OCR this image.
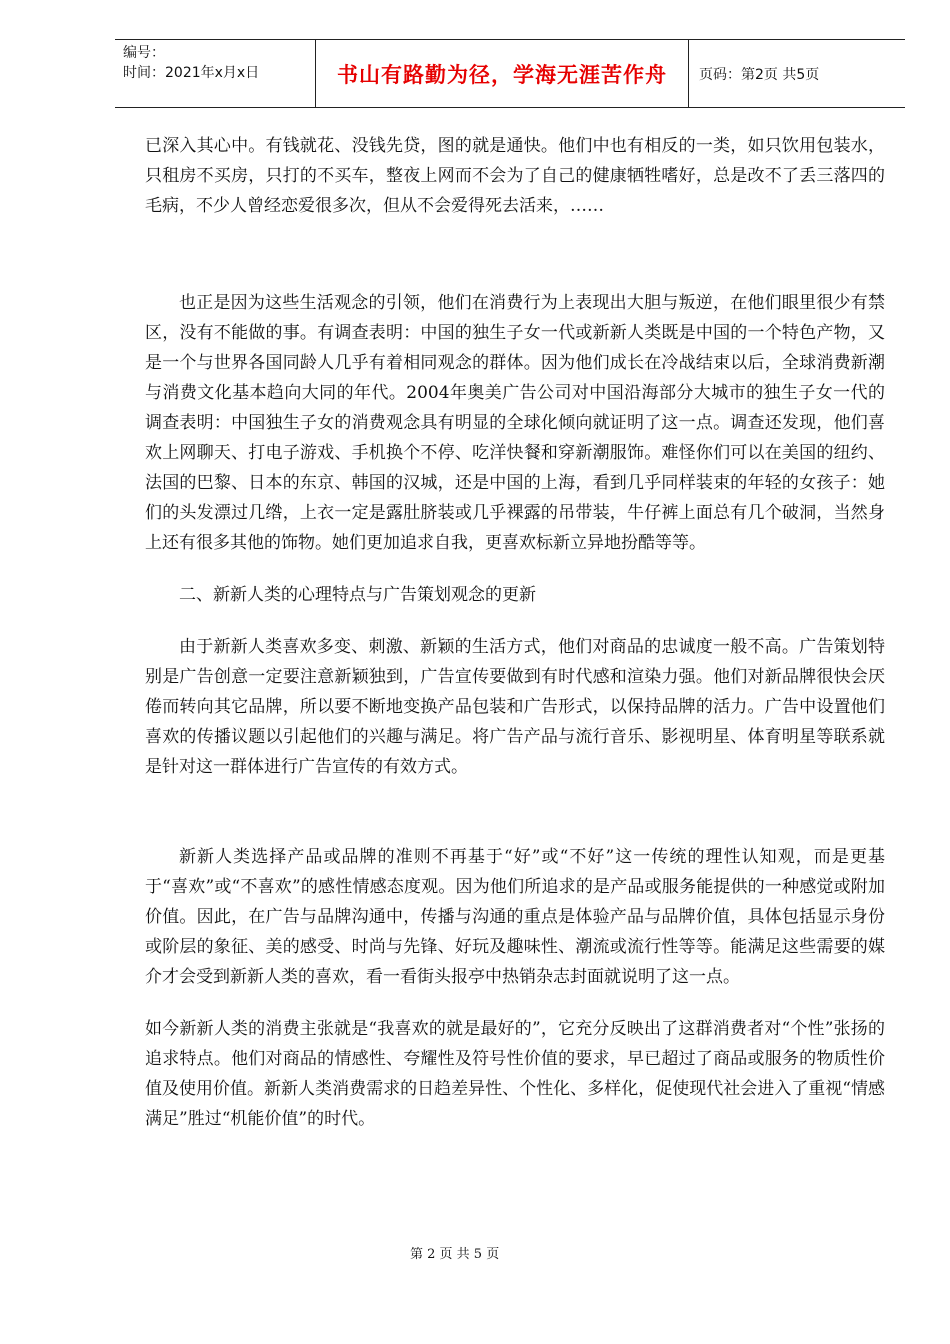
编号：
时间：2021年x月x日	书山有路勤为径，学海无涯苦作舟	页码：第2页 共5页

已深入其心中。有钱就花、没钱先贷，图的就是通快。他们中也有相反的一类，如只饮用包装水，只租房不买房，只打的不买车，整夜上网而不会为了自己的健康牺牲嗜好，总是改不了丢三落四的毛病，不少人曾经恋爱很多次，但从不会爱得死去活来，……

也正是因为这些生活观念的引领，他们在消费行为上表现出大胆与叛逆，在他们眼里很少有禁区，没有不能做的事。有调查表明：中国的独生子女一代或新新人类既是中国的一个特色产物，又是一个与世界各国同龄人几乎有着相同观念的群体。因为他们成长在冷战结束以后，全球消费新潮与消费文化基本趋向大同的年代。2004年奥美广告公司对中国沿海部分大城市的独生子女一代的调查表明：中国独生子女的消费观念具有明显的全球化倾向就证明了这一点。调查还发现，他们喜欢上网聊天、打电子游戏、手机换个不停、吃洋快餐和穿新潮服饰。难怪你们可以在美国的纽约、法国的巴黎、日本的东京、韩国的汉城，还是中国的上海，看到几乎同样装束的年轻的女孩子：她们的头发漂过几绺，上衣一定是露肚脐装或几乎裸露的吊带装，牛仔裤上面总有几个破洞，当然身上还有很多其他的饰物。她们更加追求自我，更喜欢标新立异地扮酷等等。

二、新新人类的心理特点与广告策划观念的更新

由于新新人类喜欢多变、刺激、新颖的生活方式，他们对商品的忠诚度一般不高。广告策划特别是广告创意一定要注意新颖独到，广告宣传要做到有时代感和渲染力强。他们对新品牌很快会厌倦而转向其它品牌，所以要不断地变换产品包装和广告形式，以保持品牌的活力。广告中设置他们喜欢的传播议题以引起他们的兴趣与满足。将广告产品与流行音乐、影视明星、体育明星等联系就是针对这一群体进行广告宣传的有效方式。

新新人类选择产品或品牌的准则不再基于“好”或“不好”这一传统的理性认知观，而是更基于“喜欢”或“不喜欢”的感性情感态度观。因为他们所追求的是产品或服务能提供的一种感觉或附加价值。因此，在广告与品牌沟通中，传播与沟通的重点是体验产品与品牌价值，具体包括显示身份或阶层的象征、美的感受、时尚与先锋、好玩及趣味性、潮流或流行性等等。能满足这些需要的媒介才会受到新新人类的喜欢，看一看街头报亭中热销杂志封面就说明了这一点。

如今新新人类的消费主张就是“我喜欢的就是最好的”，它充分反映出了这群消费者对“个性”张扬的追求特点。他们对商品的情感性、夸耀性及符号性价值的要求，早已超过了商品或服务的物质性价值及使用价值。新新人类消费需求的日趋差异性、个性化、多样化，促使现代社会进入了重视“情感满足”胜过“机能价值”的时代。

第 2 页 共 5 页
